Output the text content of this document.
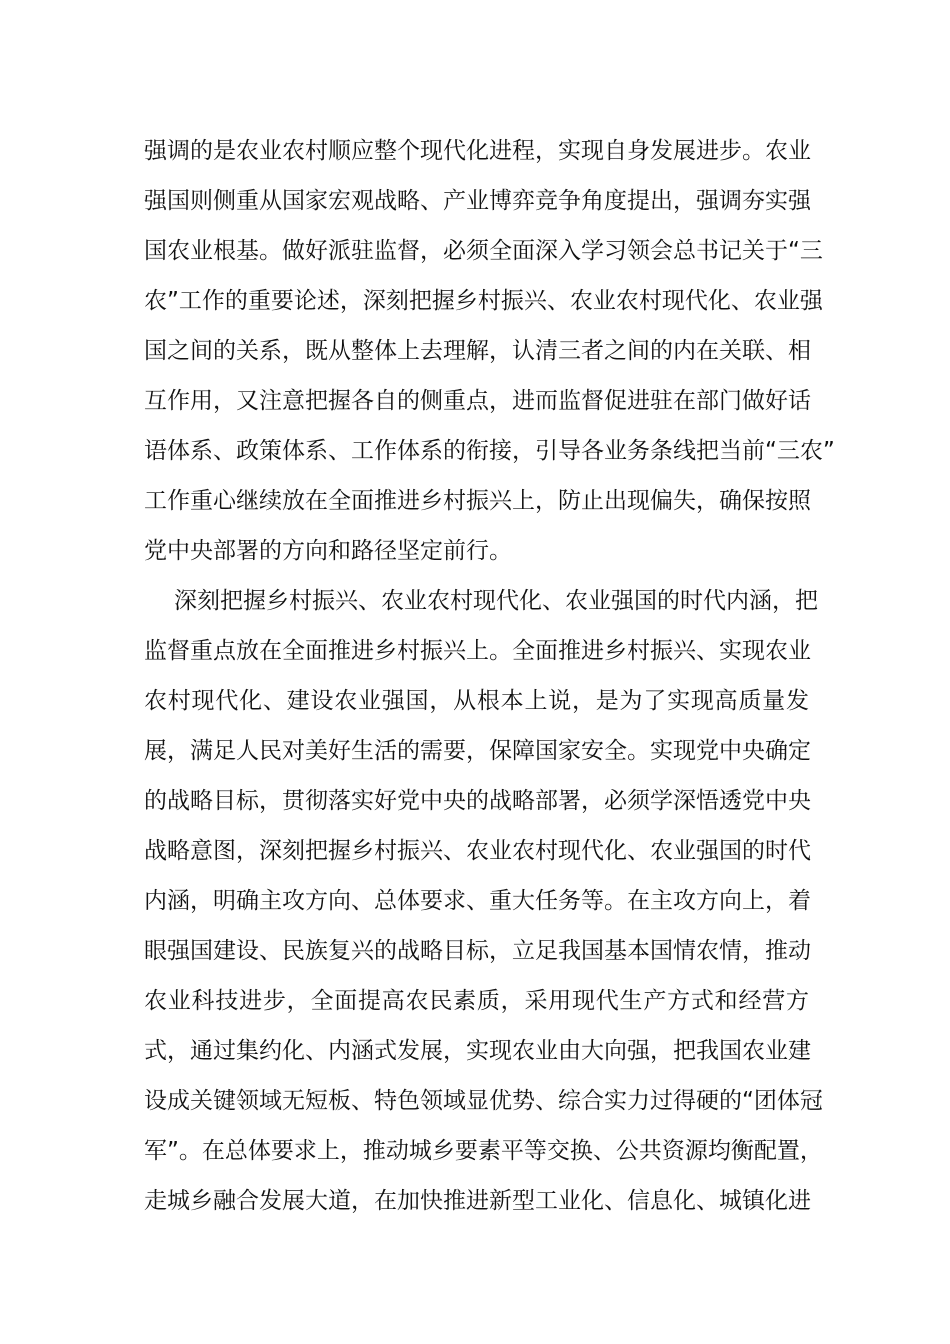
强调的是农业农村顺应整个现代化进程，实现自身发展进步。农业
强国则侧重从国家宏观战略、产业博弈竞争角度提出，强调夯实强
国农业根基。做好派驻监督，必须全面深入学习领会总书记关于“三
农”工作的重要论述，深刻把握乡村振兴、农业农村现代化、农业强
国之间的关系，既从整体上去理解，认清三者之间的内在关联、相
互作用，又注意把握各自的侧重点，进而监督促进驻在部门做好话
语体系、政策体系、工作体系的衔接，引导各业务条线把当前“三农”
工作重心继续放在全面推进乡村振兴上，防止出现偏失，确保按照
党中央部署的方向和路径坚定前行。
深刻把握乡村振兴、农业农村现代化、农业强国的时代内涵，把
监督重点放在全面推进乡村振兴上。全面推进乡村振兴、实现农业
农村现代化、建设农业强国，从根本上说，是为了实现高质量发
展，满足人民对美好生活的需要，保障国家安全。实现党中央确定
的战略目标，贯彻落实好党中央的战略部署，必须学深悟透党中央
战略意图，深刻把握乡村振兴、农业农村现代化、农业强国的时代
内涵，明确主攻方向、总体要求、重大任务等。在主攻方向上，着
眼强国建设、民族复兴的战略目标，立足我国基本国情农情，推动
农业科技进步，全面提高农民素质，采用现代生产方式和经营方
式，通过集约化、内涵式发展，实现农业由大向强，把我国农业建
设成关键领域无短板、特色领域显优势、综合实力过得硬的“团体冠
军”。在总体要求上，推动城乡要素平等交换、公共资源均衡配置，
走城乡融合发展大道，在加快推进新型工业化、信息化、城镇化进
